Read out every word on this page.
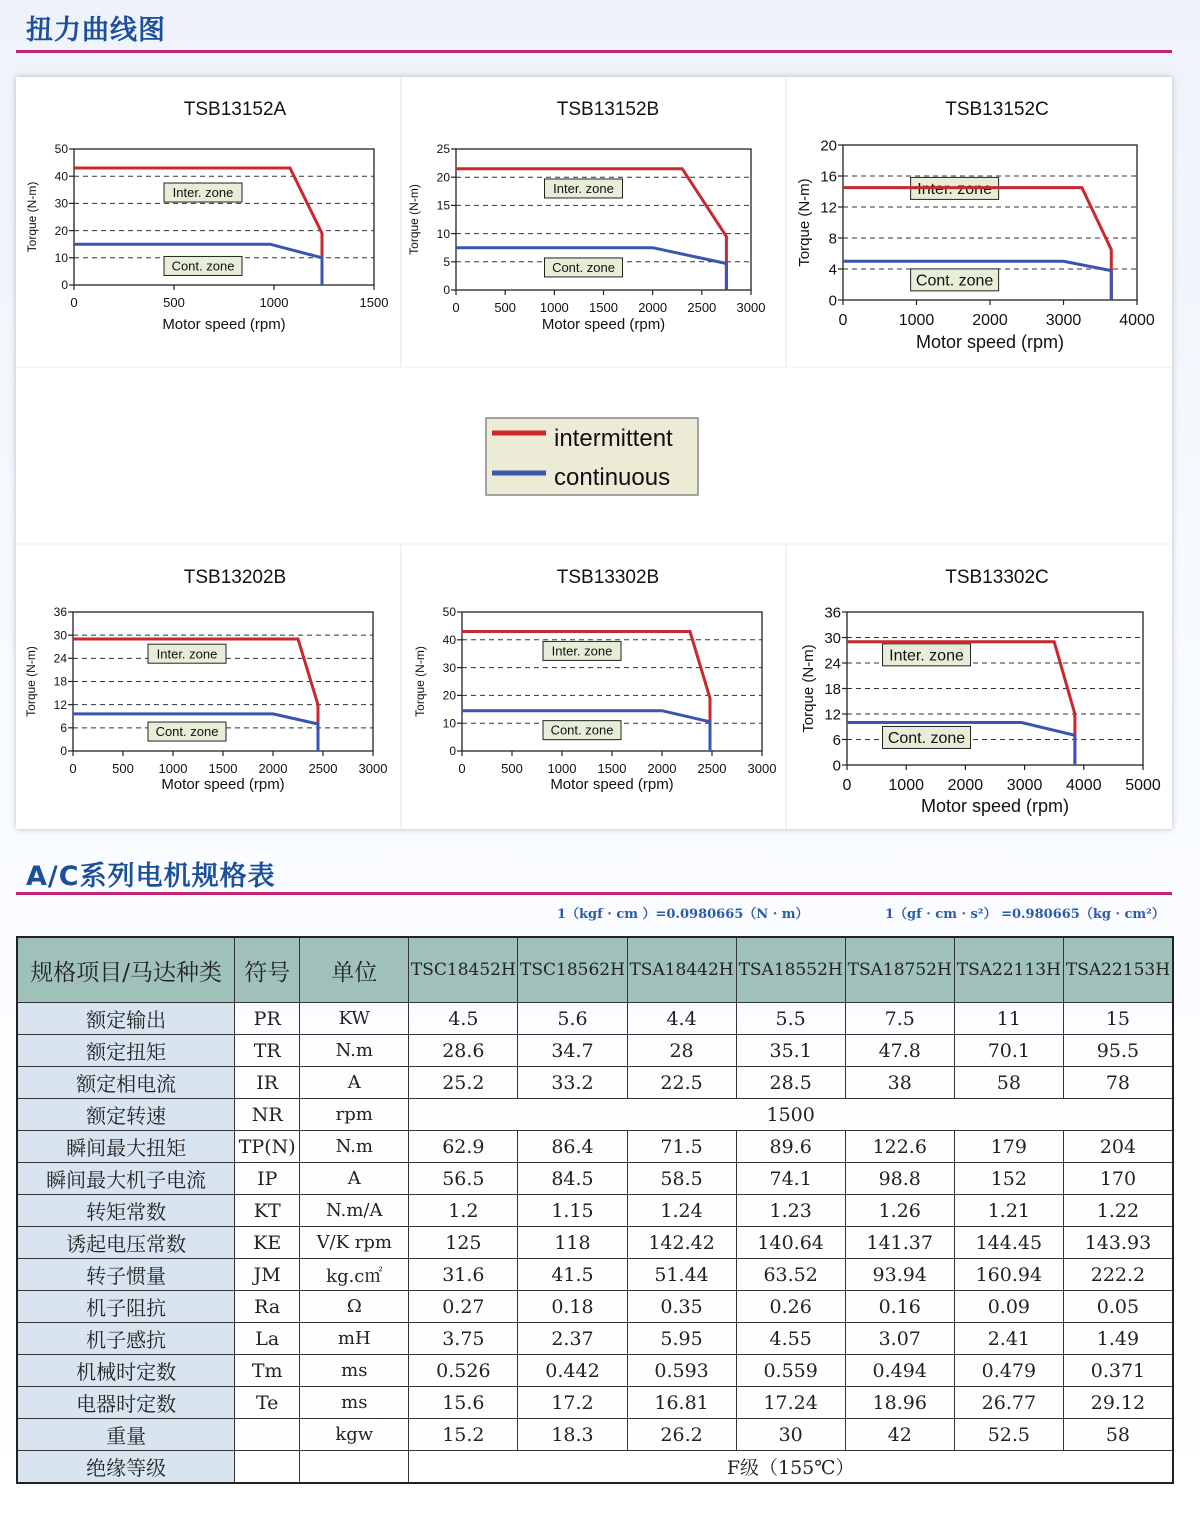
扭力曲线图
intermittent
continuous
TSB13152A
0
10
20
30
40
50
0	500	1000	1500
Motor speed (rpm)
Torque (N-m)	Inter. zone
Cont. zone
TSB13152B
0
5
10
15
20
25
0	500 1000 1500 2000 2500 3000
Motor speed (rpm)
Torque (N-m)	Inter. zone
Cont. zone
TSB13152C
0
4
8
12
16
20
0	1000 2000 3000 4000
Motor speed (rpm)
Torque (N-m)	Inter. zone
Cont. zone
TSB13202B
0
6
12
18
24
30
36
0	500 1000 1500 2000 2500 3000
Motor speed (rpm)
Torque (N-m)	Inter. zone
Cont. zone
TSB13302B
0
10
20
30
40
50
0	500 1000 1500 2000 2500 3000
Motor speed (rpm)
Torque (N-m)	Inter. zone
Cont. zone
TSB13302C
0
6
12
18
24
30
36
0 1000 2000 3000 4000 5000
Motor speed (rpm)
Torque (N-m)	Inter. zone
Cont. zone
A/C系列电机规格表
1（kgf · cm ）=0.0980665（N · m）	1（gf · cm · s²） =0.980665（kg · cm²）
规格项目/马达种类	符号	单位	TSC18452H	TSC18562H	TSA18442H	TSA18552H	TSA18752H	TSA22113H	TSA22153H
额定输出	PR	KW	4.5	5.6	4.4	5.5	7.5	11	15
额定扭矩	TR	N.m	28.6	34.7	28	35.1	47.8	70.1	95.5
额定相电流	IR	A	25.2	33.2	22.5	28.5	38	58	78
额定转速	NR	rpm	1500						
瞬间最大扭矩	TP(N)	N.m	62.9	86.4	71.5	89.6	122.6	179	204
瞬间最大机子电流	IP	A	56.5	84.5	58.5	74.1	98.8	152	170
转矩常数	KT	N.m/A	1.2	1.15	1.24	1.23	1.26	1.21	1.22
诱起电压常数	KE	V/K rpm	125	118	142.42	140.64	141.37	144.45	143.93
转子惯量	JM	kg.c㎡	31.6	41.5	51.44	63.52	93.94	160.94	222.2
机子阻抗	Ra	Ω	0.27	0.18	0.35	0.26	0.16	0.09	0.05
机子感抗	La	mH	3.75	2.37	5.95	4.55	3.07	2.41	1.49
机械时定数	Tm	ms	0.526	0.442	0.593	0.559	0.494	0.479	0.371
电器时定数	Te	ms	15.6	17.2	16.81	17.24	18.96	26.77	29.12
重量		kgw	15.2	18.3	26.2	30	42	52.5	58
绝缘等级			F级（155℃）						
